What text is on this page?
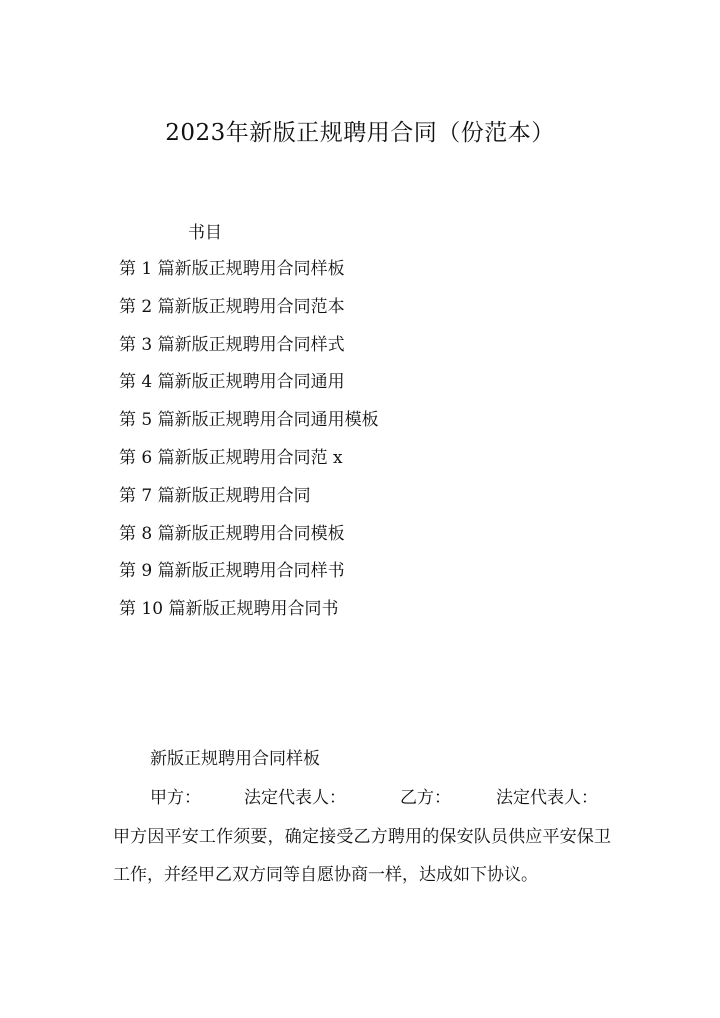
2023年新版正规聘用合同（份范本）
书目
第 1 篇新版正规聘用合同样板
第 2 篇新版正规聘用合同范本
第 3 篇新版正规聘用合同样式
第 4 篇新版正规聘用合同通用
第 5 篇新版正规聘用合同通用模板
第 6 篇新版正规聘用合同范 x
第 7 篇新版正规聘用合同
第 8 篇新版正规聘用合同模板
第 9 篇新版正规聘用合同样书
第 10 篇新版正规聘用合同书
新版正规聘用合同样板
甲方：	法定代表人：	乙方：	法定代表人：

甲方因平安工作须要，确定接受乙方聘用的保安队员供应平安保卫工作，并经甲乙双方同等自愿协商一样，达成如下协议。
